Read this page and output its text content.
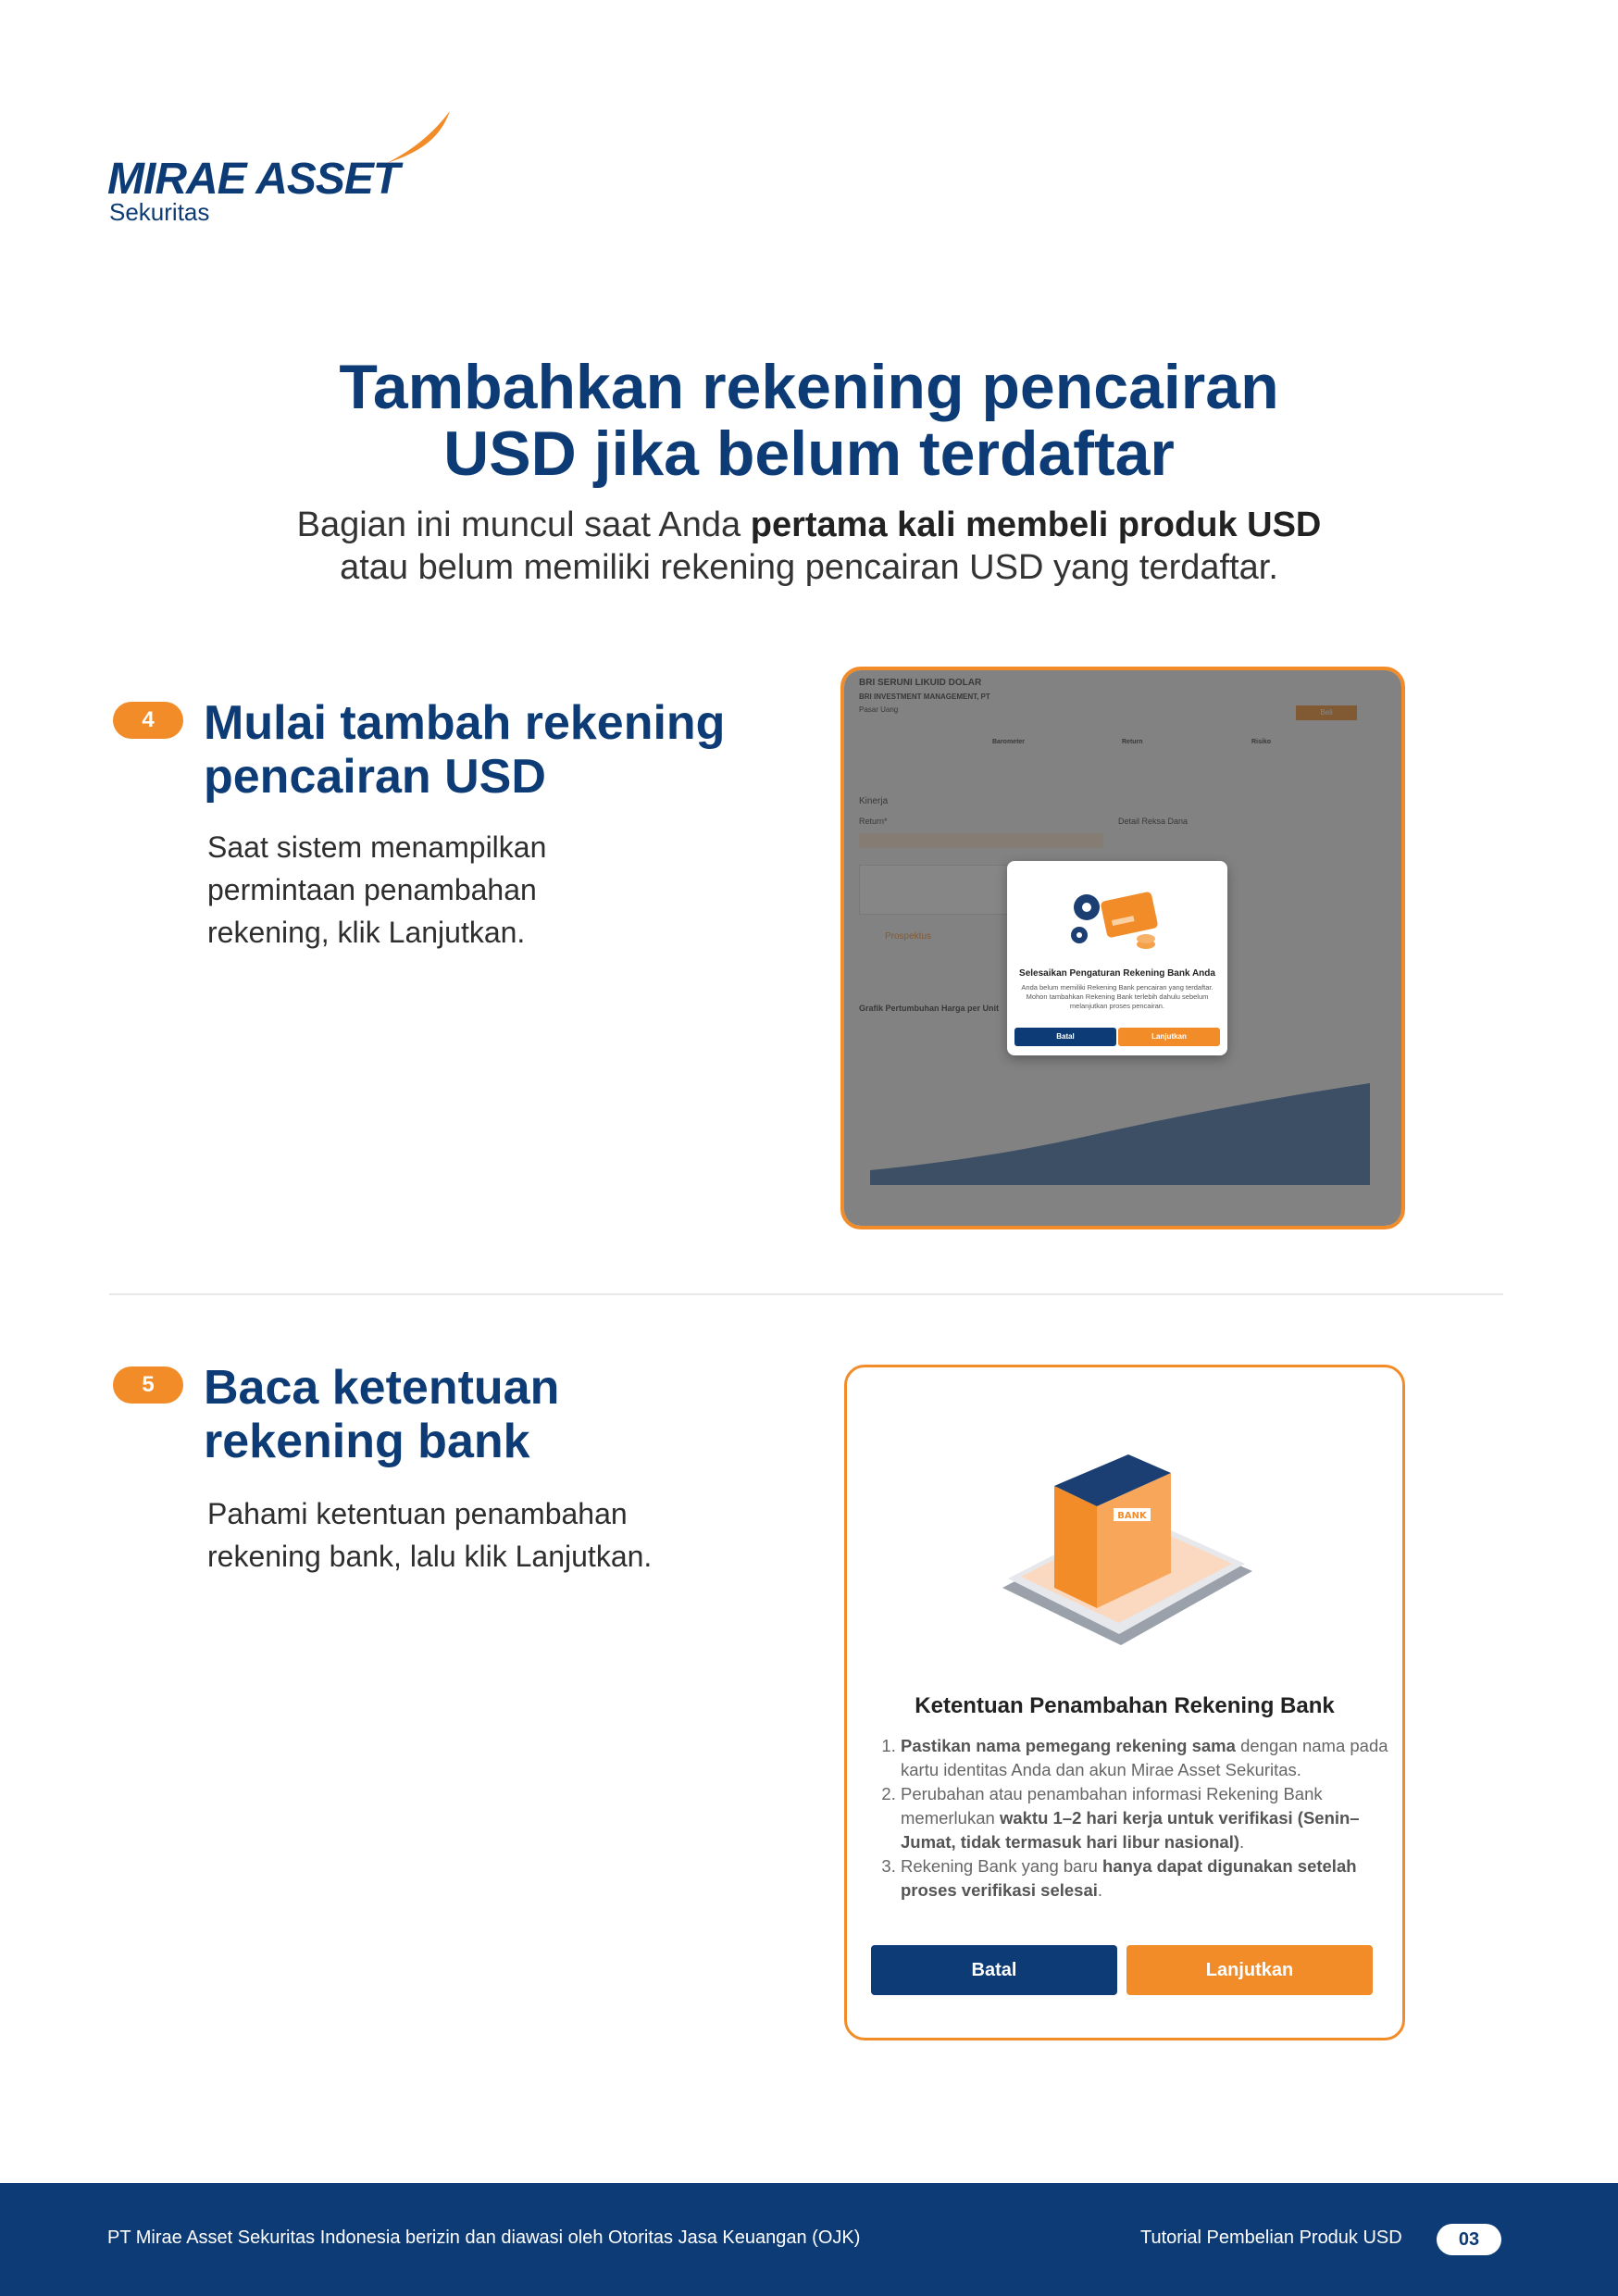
MIRAE ASSET
Sekuritas
Tambahkan rekening pencairan
USD jika belum terdaftar
Bagian ini muncul saat Anda pertama kali membeli produk USD
atau belum memiliki rekening pencairan USD yang terdaftar.
4	Mulai tambah rekening
pencairan USD
Saat sistem menampilkan
permintaan penambahan
rekening, klik Lanjutkan.
Selesaikan Pengaturan Rekening Bank Anda
Anda belum memiliki Rekening Bank pencairan yang terdaftar. Mohon tambahkan Rekening Bank terlebih dahulu sebelum melanjutkan proses pencairan.
Batal	Lanjutkan
5	Baca ketentuan
rekening bank
Pahami ketentuan penambahan
rekening bank, lalu klik Lanjutkan.
BANK
Ketentuan Penambahan Rekening Bank
1. Pastikan nama pemegang rekening sama dengan nama pada kartu identitas Anda dan akun Mirae Asset Sekuritas.
2. Perubahan atau penambahan informasi Rekening Bank memerlukan waktu 1–2 hari kerja untuk verifikasi (Senin–Jumat, tidak termasuk hari libur nasional).
3. Rekening Bank yang baru hanya dapat digunakan setelah proses verifikasi selesai.
Batal	Lanjutkan
PT Mirae Asset Sekuritas Indonesia berizin dan diawasi oleh Otoritas Jasa Keuangan (OJK)	Tutorial Pembelian Produk USD	03
